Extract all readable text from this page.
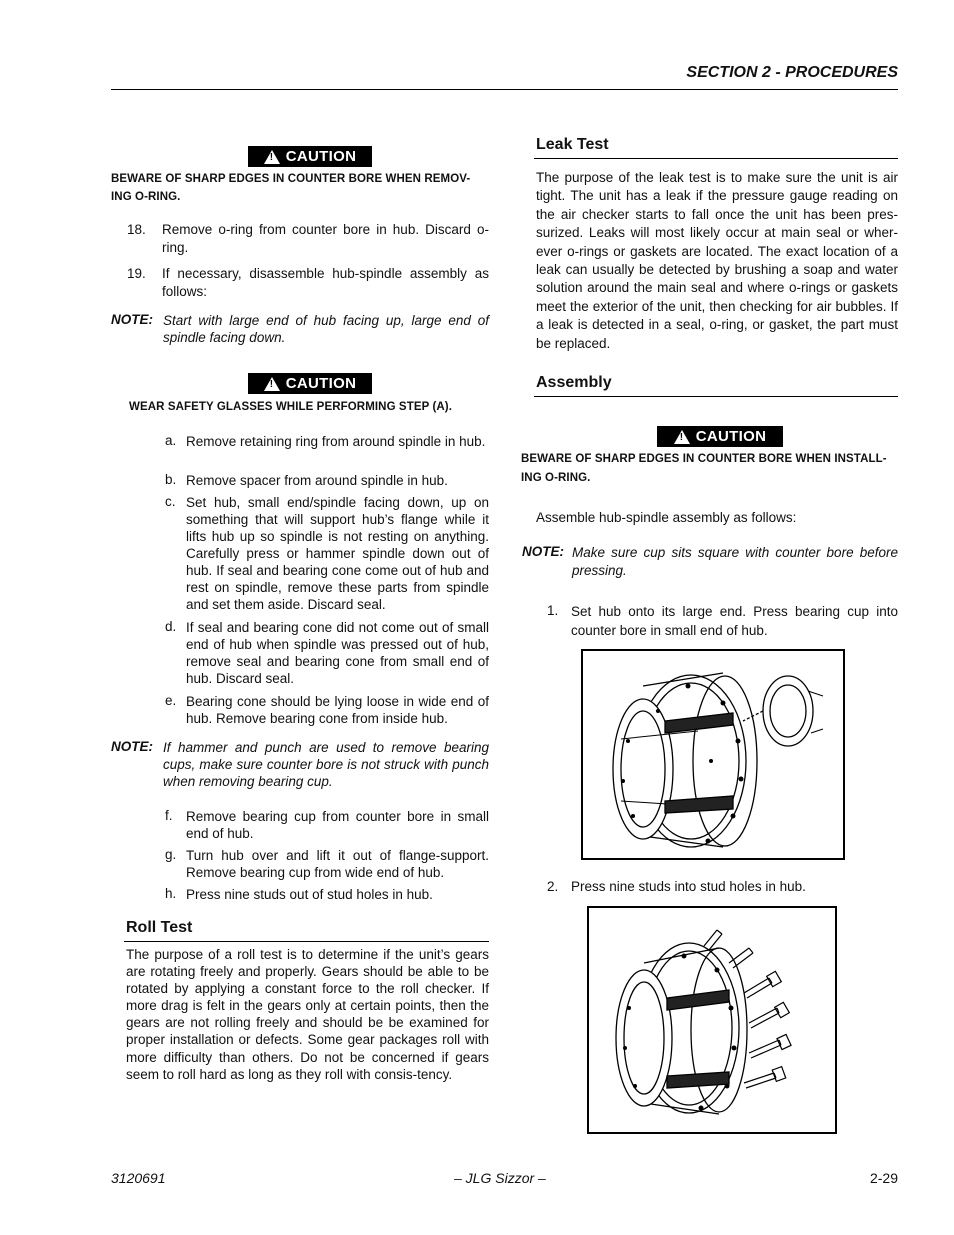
SECTION 2 - PROCEDURES
! CAUTION
BEWARE OF SHARP EDGES IN COUNTER BORE WHEN REMOV-ING O-RING.
18. Remove o-ring from counter bore in hub. Discard o-ring.
19. If necessary, disassemble hub-spindle assembly as follows:
NOTE: Start with large end of hub facing up, large end of spindle facing down.
! CAUTION
WEAR SAFETY GLASSES WHILE PERFORMING STEP (A).
a. Remove retaining ring from around spindle in hub.
b. Remove spacer from around spindle in hub.
c. Set hub, small end/spindle facing down, up on something that will support hub’s flange while it lifts hub up so spindle is not resting on anything. Carefully press or hammer spindle down out of hub. If seal and bearing cone come out of hub and rest on spindle, remove these parts from spindle and set them aside. Discard seal.
d. If seal and bearing cone did not come out of small end of hub when spindle was pressed out of hub, remove seal and bearing cone from small end of hub. Discard seal.
e. Bearing cone should be lying loose in wide end of hub. Remove bearing cone from inside hub.
NOTE: If hammer and punch are used to remove bearing cups, make sure counter bore is not struck with punch when removing bearing cup.
f. Remove bearing cup from counter bore in small end of hub.
g. Turn hub over and lift it out of flange-support. Remove bearing cup from wide end of hub.
h. Press nine studs out of stud holes in hub.
Roll Test
The purpose of a roll test is to determine if the unit’s gears are rotating freely and properly. Gears should be able to be rotated by applying a constant force to the roll checker. If more drag is felt in the gears only at certain points, then the gears are not rolling freely and should be be examined for proper installation or defects. Some gear packages roll with more difficulty than others. Do not be concerned if gears seem to roll hard as long as they roll with consis-tency.
Leak Test
The purpose of the leak test is to make sure the unit is air tight. The unit has a leak if the pressure gauge reading on the air checker starts to fall once the unit has been pres-surized. Leaks will most likely occur at main seal or wher-ever o-rings or gaskets are located. The exact location of a leak can usually be detected by brushing a soap and water solution around the main seal and where o-rings or gaskets meet the exterior of the unit, then checking for air bubbles. If a leak is detected in a seal, o-ring, or gasket, the part must be replaced.
Assembly
! CAUTION
BEWARE OF SHARP EDGES IN COUNTER BORE WHEN INSTALL-ING O-RING.
Assemble hub-spindle assembly as follows:
NOTE: Make sure cup sits square with counter bore before pressing.
1. Set hub onto its large end. Press bearing cup into counter bore in small end of hub.
2. Press nine studs into stud holes in hub.
3120691	– JLG Sizzor –	2-29
